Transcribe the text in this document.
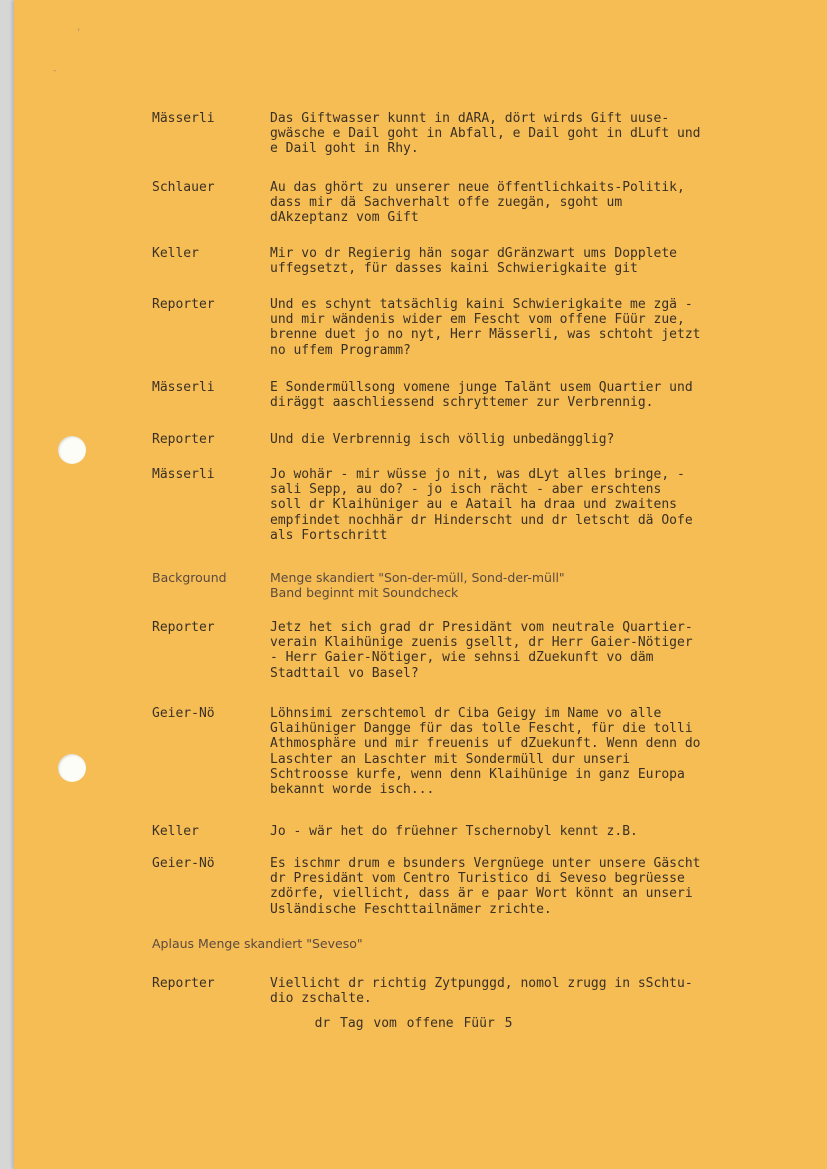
'
-
Mässerli	Das Giftwasser kunnt in dARA, dört wirds Gift uuse-
gwäsche e Dail goht in Abfall, e Dail goht in dLuft und
e Dail goht in Rhy.
Schlauer	Au das ghört zu unserer neue öffentlichkaits-Politik,
dass mir dä Sachverhalt offe zuegän, sgoht um
dAkzeptanz vom Gift
Keller	Mir vo dr Regierig hän sogar dGränzwart ums Dopplete
uffegsetzt, für dasses kaini Schwierigkaite git
Reporter	Und es schynt tatsächlig kaini Schwierigkaite me zgä -
und mir wändenis wider em Fescht vom offene Füür zue,
brenne duet jo no nyt, Herr Mässerli, was schtoht jetzt
no uffem Programm?
Mässerli	E Sondermüllsong vomene junge Talänt usem Quartier und
diräggt aaschliessend schryttemer zur Verbrennig.
Reporter	Und die Verbrennig isch völlig unbedängglig?
Mässerli	Jo wohär - mir wüsse jo nit, was dLyt alles bringe, -
sali Sepp, au do? - jo isch rächt - aber erschtens
soll dr Klaihüniger au e Aatail ha draa und zwaitens
empfindet nochhär dr Hinderscht und dr letscht dä Oofe
als Fortschritt
Background	Menge skandiert "Son-der-müll, Sond-der-müll"
Band beginnt mit Soundcheck
Reporter	Jetz het sich grad dr Presidänt vom neutrale Quartier-
verain Klaihünige zuenis gsellt, dr Herr Gaier-Nötiger
- Herr Gaier-Nötiger, wie sehnsi dZuekunft vo däm
Stadttail vo Basel?
Geier-Nö	Löhnsimi zerschtemol dr Ciba Geigy im Name vo alle
Glaihüniger Dangge für das tolle Fescht, für die tolli
Athmosphäre und mir freuenis uf dZuekunft. Wenn denn do
Laschter an Laschter mit Sondermüll dur unseri
Schtroosse kurfe, wenn denn Klaihünige in ganz Europa
bekannt worde isch...
Keller	Jo - wär het do früehner Tschernobyl kennt z.B.
Geier-Nö	Es ischmr drum e bsunders Vergnüege unter unsere Gäscht
dr Presidänt vom Centro Turistico di Seveso begrüesse
zdörfe, viellicht, dass är e paar Wort könnt an unseri
Usländische Feschttailnämer zrichte.
Aplaus Menge skandiert "Seveso"
Reporter	Viellicht dr richtig Zytpunggd, nomol zrugg in sSchtu-
dio zschalte.
dr Tag vom offene Füür 5
